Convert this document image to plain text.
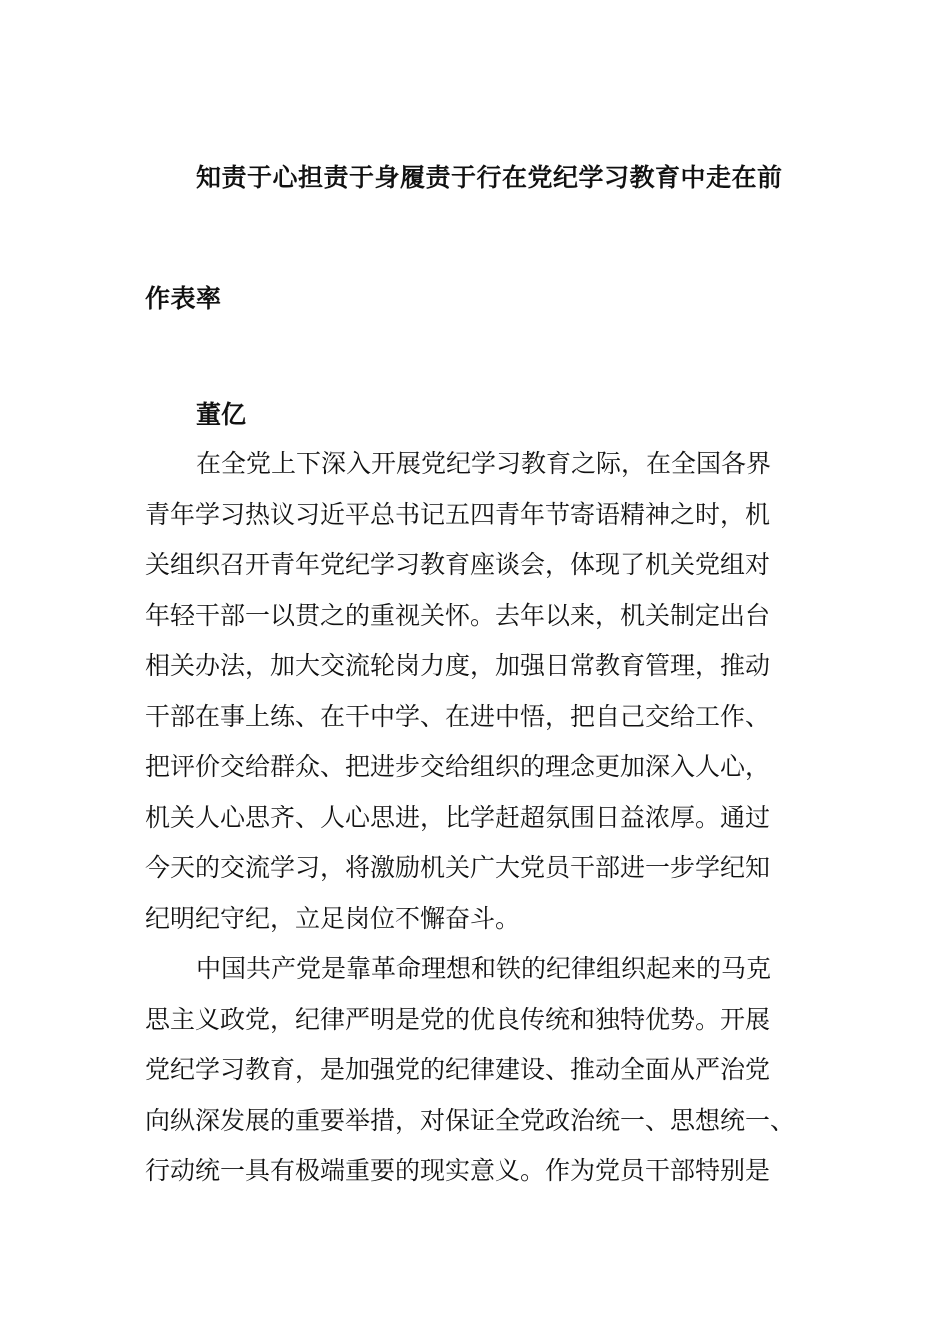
知责于心担责于身履责于行在党纪学习教育中走在前
作表率
董亿
在全党上下深入开展党纪学习教育之际，在全国各界
青年学习热议习近平总书记五四青年节寄语精神之时，机
关组织召开青年党纪学习教育座谈会，体现了机关党组对
年轻干部一以贯之的重视关怀。去年以来，机关制定出台
相关办法，加大交流轮岗力度，加强日常教育管理，推动
干部在事上练、在干中学、在进中悟，把自己交给工作、
把评价交给群众、把进步交给组织的理念更加深入人心，
机关人心思齐、人心思进，比学赶超氛围日益浓厚。通过
今天的交流学习，将激励机关广大党员干部进一步学纪知
纪明纪守纪，立足岗位不懈奋斗。
中国共产党是靠革命理想和铁的纪律组织起来的马克
思主义政党，纪律严明是党的优良传统和独特优势。开展
党纪学习教育，是加强党的纪律建设、推动全面从严治党
向纵深发展的重要举措，对保证全党政治统一、思想统一、
行动统一具有极端重要的现实意义。作为党员干部特别是
